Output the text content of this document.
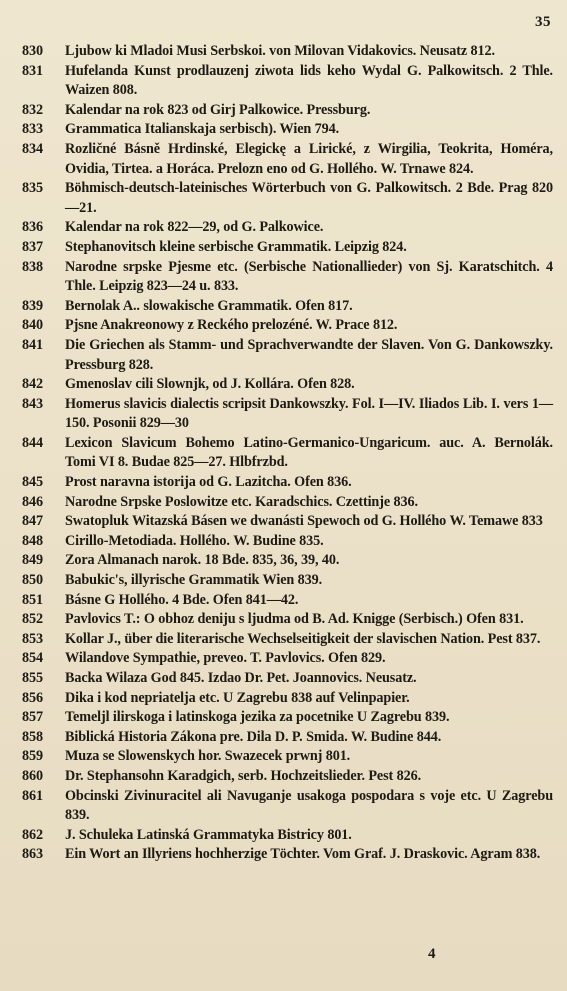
35
830	Ljubow ki Mladoi Musi Serbskoi. von Milovan Vidakovics. Neusatz 812.
831	Hufelanda Kunst prodlauzenj ziwota lids keho Wydal G. Palkowitsch. 2 Thle. Waizen 808.
832	Kalendar na rok 823 od Girj Palkowice. Pressburg.
833	Grammatica Italianskaja serbisch). Wien 794.
834	Rozličné Básně Hrdinské, Elegickę a Lirické, z Wirgilia, Teokrita, Homéra, Ovidia, Tirtea. a Horáca. Prelozn eno od G. Holléhο. W. Trnawe 824.
835	Böhmisch-deutsch-lateinisches Wörterbuch von G. Palkowitsch. 2 Bde. Prag 820—21.
836	Kalendar na rok 822—29, od G. Palkowice.
837	Stephanovitsch kleine serbische Grammatik. Leipzig 824.
838	Narodne srpske Pjesme etc. (Serbische Nationallieder) von Sj. Karatschitch. 4 Thle. Leipzig 823—24 u. 833.
839	Bernolak A.. slowakische Grammatik. Ofen 817.
840	Pjsne Anakreonowy z Reckého prelozéné. W. Prace 812.
841	Die Griechen als Stamm- und Sprachverwandte der Slaven. Von G. Dankowszky. Pressburg 828.
842	Gmenoslav cili Slownjk, od J. Kollára. Ofen 828.
843	Homerus slavicis dialectis scripsit Dankowszky. Fol. I—IV. Iliados Lib. I. vers 1—150. Posonii 829—30
844	Lexicon Slavicum Bohemo Latino-Germanico-Ungaricum. auc. A. Bernolák. Tomi VI 8. Budae 825—27. Hlbfrzbd.
845	Prost naravna istorija od G. Lazitcha. Ofen 836.
846	Narodne Srpske Poslowitze etc. Karadschics. Czettinje 836.
847	Swatopluk Witazská Básen we dwanásti Spewoch od G. Holléhο W. Temawe 833
848	Cirillo-Metodiada. Holléhο. W. Budine 835.
849	Zora Almanach narok. 18 Bde. 835, 36, 39, 40.
850	Babukic's, illyrische Grammatik Wien 839.
851	Básne G Holléhο. 4 Bde. Ofen 841—42.
852	Pavlovics T.: O obhoz deniju s ljudma od B. Ad. Knigge (Serbisch.) Ofen 831.
853	Kollar J., über die literarische Wechselseitigkeit der slavischen Nation. Pest 837.
854	Wilandove Sympathie, preveo. T. Pavlovics. Ofen 829.
855	Backa Wilaza God 845. Izdao Dr. Pet. Joannovics. Neusatz.
856	Dika i kod nepriatelja etc. U Zagrebu 838 auf Velinpapier.
857	Temeljl ilirskoga i latinskoga jezika za pocetnike U Zagrebu 839.
858	Biblická Historia Zákona pre. Dila D. P. Smida. W. Budine 844.
859	Muza se Slowenskych hor. Swazecek prwnj 801.
860	Dr. Stephansohn Karadgich, serb. Hochzeitslieder. Pest 826.
861	Obcinski Zivinuracitel ali Navuganje usakoga pospodara s voje etc. U Zagrebu 839.
862	J. Schuleka Latinská Grammatyka Bistricy 801.
863	Ein Wort an Illyriens hochherzige Töchter. Vom Graf. J. Draskovic. Agram 838.
4
